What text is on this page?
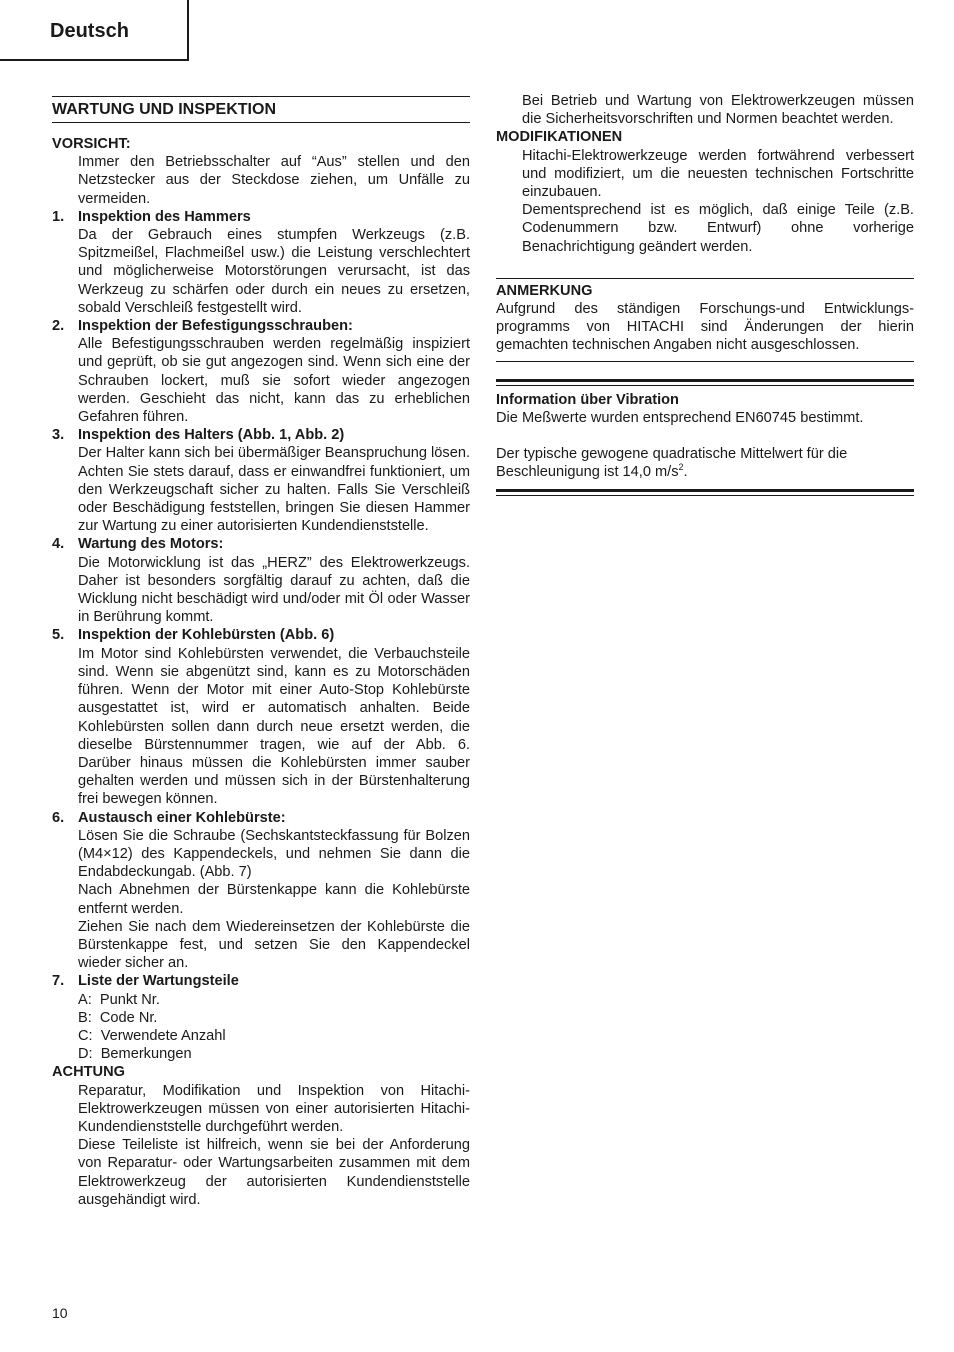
Deutsch
WARTUNG UND INSPEKTION
VORSICHT:

Immer den Betriebsschalter auf “Aus” stellen und den Netzstecker aus der Steckdose ziehen, um Unfälle zu vermeiden.

1. Inspektion des Hammers

Da der Gebrauch eines stumpfen Werkzeugs (z.B. Spitzmeißel, Flachmeißel usw.) die Leistung verschlechtert und möglicherweise Motorstörungen verursacht, ist das Werkzeug zu schärfen oder durch ein neues zu ersetzen, sobald Verschleiß festgestellt wird.

2. Inspektion der Befestigungsschrauben:

Alle Befestigungsschrauben werden regelmäßig inspiziert und geprüft, ob sie gut angezogen sind. Wenn sich eine der Schrauben lockert, muß sie sofort wieder angezogen werden. Geschieht das nicht, kann das zu erheblichen Gefahren führen.

3. Inspektion des Halters (Abb. 1, Abb. 2)

Der Halter kann sich bei übermäßiger Beanspruchung lösen. Achten Sie stets darauf, dass er einwandfrei funktioniert, um den Werkzeugschaft sicher zu halten. Falls Sie Verschleiß oder Beschädigung feststellen, bringen Sie diesen Hammer zur Wartung zu einer autorisierten Kundendienststelle.

4. Wartung des Motors:

Die Motorwicklung ist das „HERZ” des Elektrowerkzeugs. Daher ist besonders sorgfältig darauf zu achten, daß die Wicklung nicht beschädigt wird und/oder mit Öl oder Wasser in Berührung kommt.

5. Inspektion der Kohlebürsten (Abb. 6)

Im Motor sind Kohlebürsten verwendet, die Verbauchsteile sind. Wenn sie abgenützt sind, kann es zu Motorschäden führen. Wenn der Motor mit einer Auto-Stop Kohlebürste ausgestattet ist, wird er automatisch anhalten. Beide Kohlebürsten sollen dann durch neue ersetzt werden, die dieselbe Bürstennummer tragen, wie auf der Abb. 6. Darüber hinaus müssen die Kohlebürsten immer sauber gehalten werden und müssen sich in der Bürstenhalterung frei bewegen können.

6. Austausch einer Kohlebürste:

Lösen Sie die Schraube (Sechskantsteckfassung für Bolzen (M4×12) des Kappendeckels, und nehmen Sie dann die Endabdeckungab. (Abb. 7)

Nach Abnehmen der Bürstenkappe kann die Kohlebürste entfernt werden.

Ziehen Sie nach dem Wiedereinsetzen der Kohlebürste die Bürstenkappe fest, und setzen Sie den Kappendeckel wieder sicher an.

7. Liste der Wartungsteile

A:  Punkt Nr.

B:  Code Nr.

C:  Verwendete Anzahl

D:  Bemerkungen

ACHTUNG

Reparatur, Modifikation und Inspektion von Hitachi-Elektrowerkzeugen müssen von einer autorisierten Hitachi-Kundendienststelle durchgeführt werden.

Diese Teileliste ist hilfreich, wenn sie bei der Anforderung von Reparatur- oder Wartungsarbeiten zusammen mit dem Elektrowerkzeug der autorisierten Kundendienststelle ausgehändigt wird.

Bei Betrieb und Wartung von Elektrowerkzeugen müssen die Sicherheitsvorschriften und Normen beachtet werden.

MODIFIKATIONEN

Hitachi-Elektrowerkzeuge werden fortwährend verbessert und modifiziert, um die neuesten technischen Fortschritte einzubauen.

Dementsprechend ist es möglich, daß einige Teile (z.B. Codenummern bzw. Entwurf) ohne vorherige Benachrichtigung geändert werden.

ANMERKUNG

Aufgrund des ständigen Forschungs-und Entwicklungs-programms von HITACHI sind Änderungen der hierin gemachten technischen Angaben nicht ausgeschlossen.

Information über Vibration

Die Meßwerte wurden entsprechend EN60745 bestimmt.

Der typische gewogene quadratische Mittelwert für die Beschleunigung ist 14,0 $m/s^2$.

10
